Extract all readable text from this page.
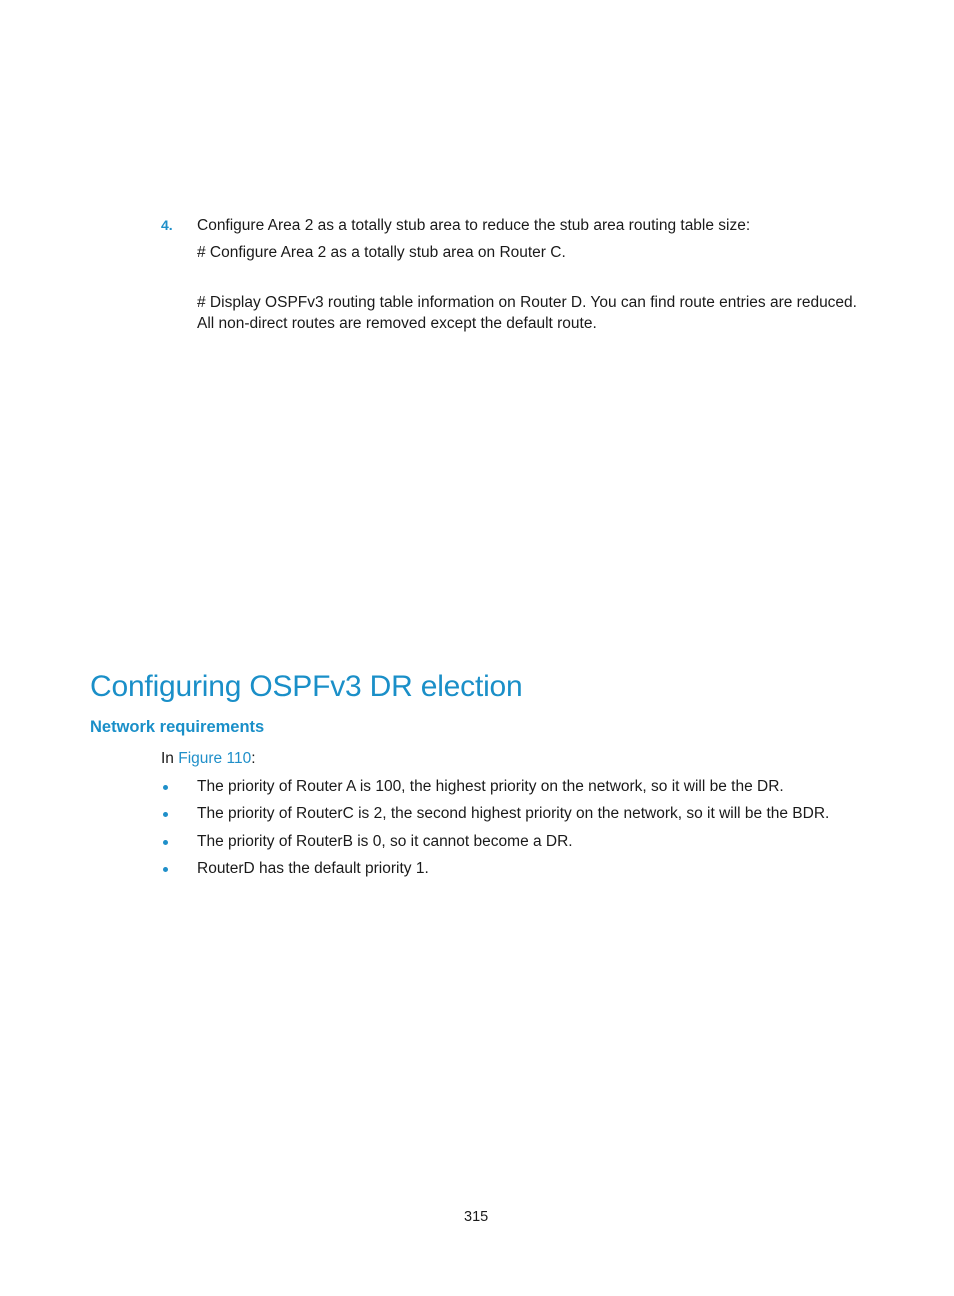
4. Configure Area 2 as a totally stub area to reduce the stub area routing table size:
# Configure Area 2 as a totally stub area on Router C.
# Display OSPFv3 routing table information on Router D. You can find route entries are reduced.
All non-direct routes are removed except the default route.
Configuring OSPFv3 DR election
Network requirements
In Figure 110:
The priority of Router A is 100, the highest priority on the network, so it will be the DR.
The priority of RouterC is 2, the second highest priority on the network, so it will be the BDR.
The priority of RouterB is 0, so it cannot become a DR.
RouterD has the default priority 1.
315
